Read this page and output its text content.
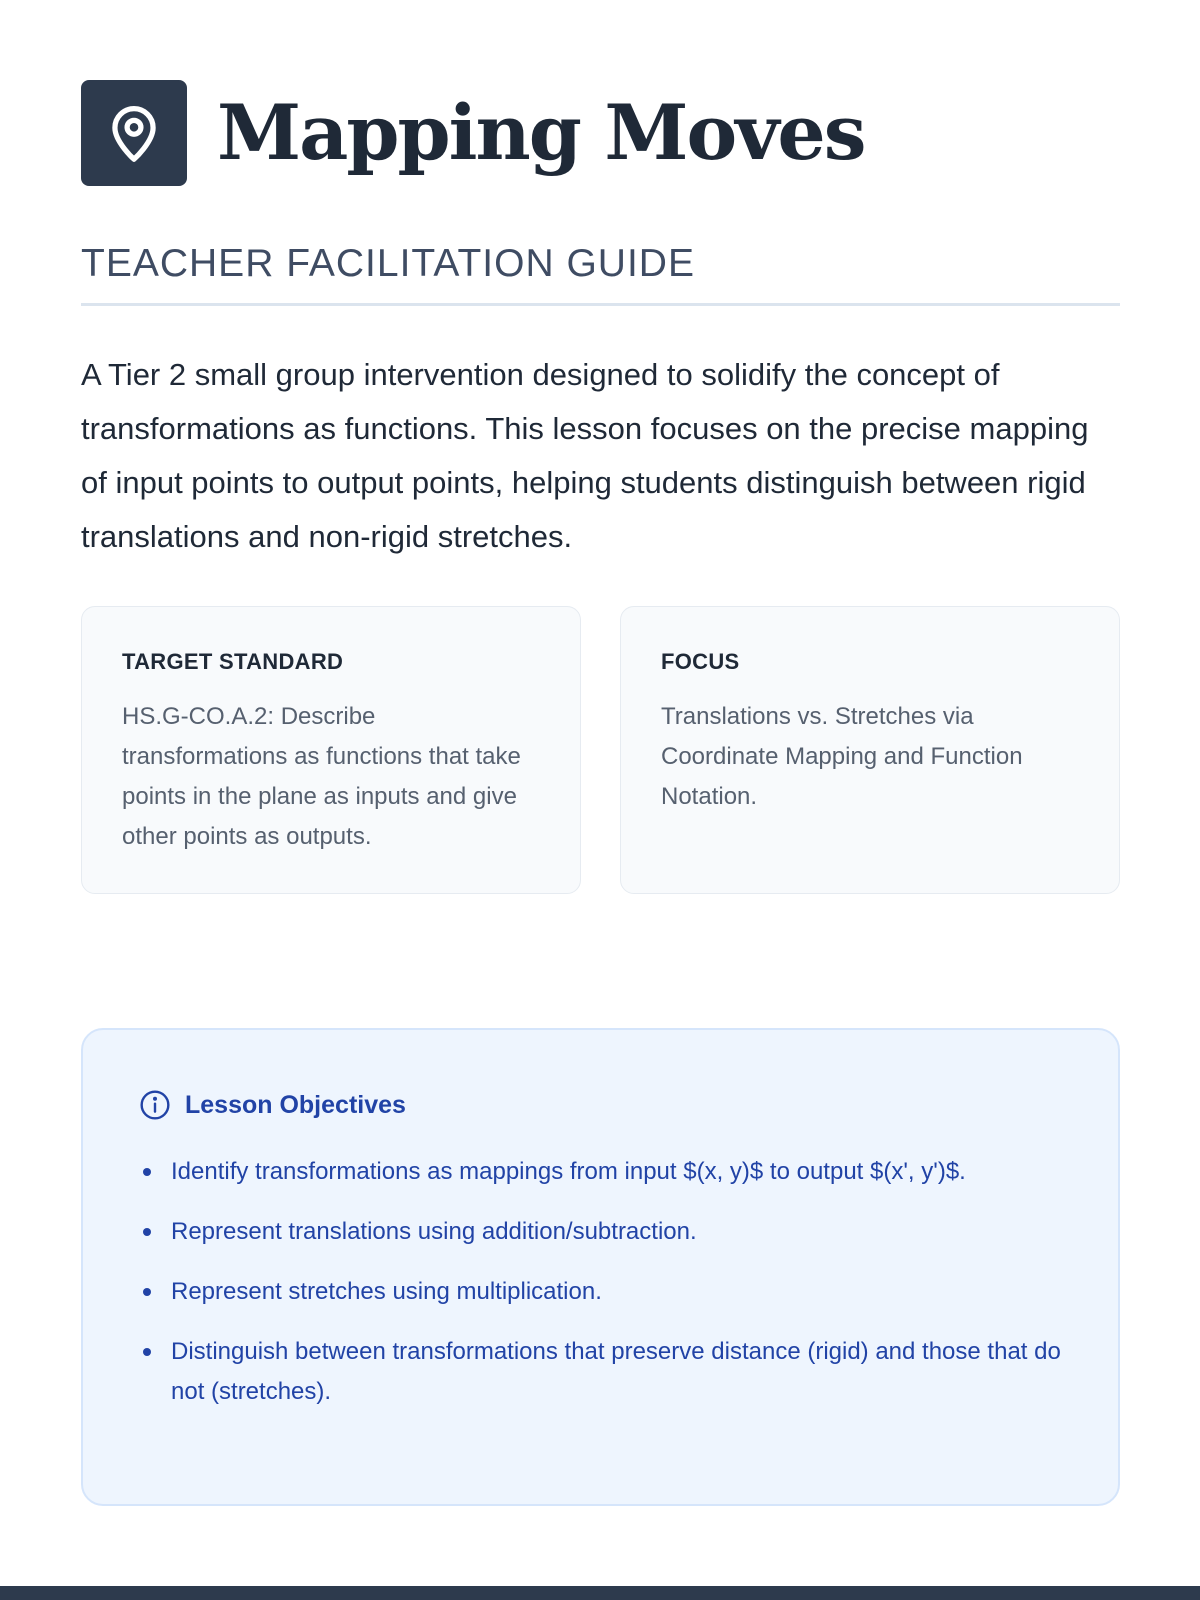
Mapping Moves
TEACHER FACILITATION GUIDE

A Tier 2 small group intervention designed to solidify the concept of transformations as functions. This lesson focuses on the precise mapping of input points to output points, helping students distinguish between rigid translations and non-rigid stretches.

TARGET STANDARD

HS.G-CO.A.2: Describe transformations as functions that take points in the plane as inputs and give other points as outputs.

FOCUS

Translations vs. Stretches via Coordinate Mapping and Function Notation.

Lesson Objectives
Identify transformations as mappings from input $(x, y)$ to output $(x', y')$.
Represent translations using addition/subtraction.
Represent stretches using multiplication.
Distinguish between transformations that preserve distance (rigid) and those that do not (stretches).
